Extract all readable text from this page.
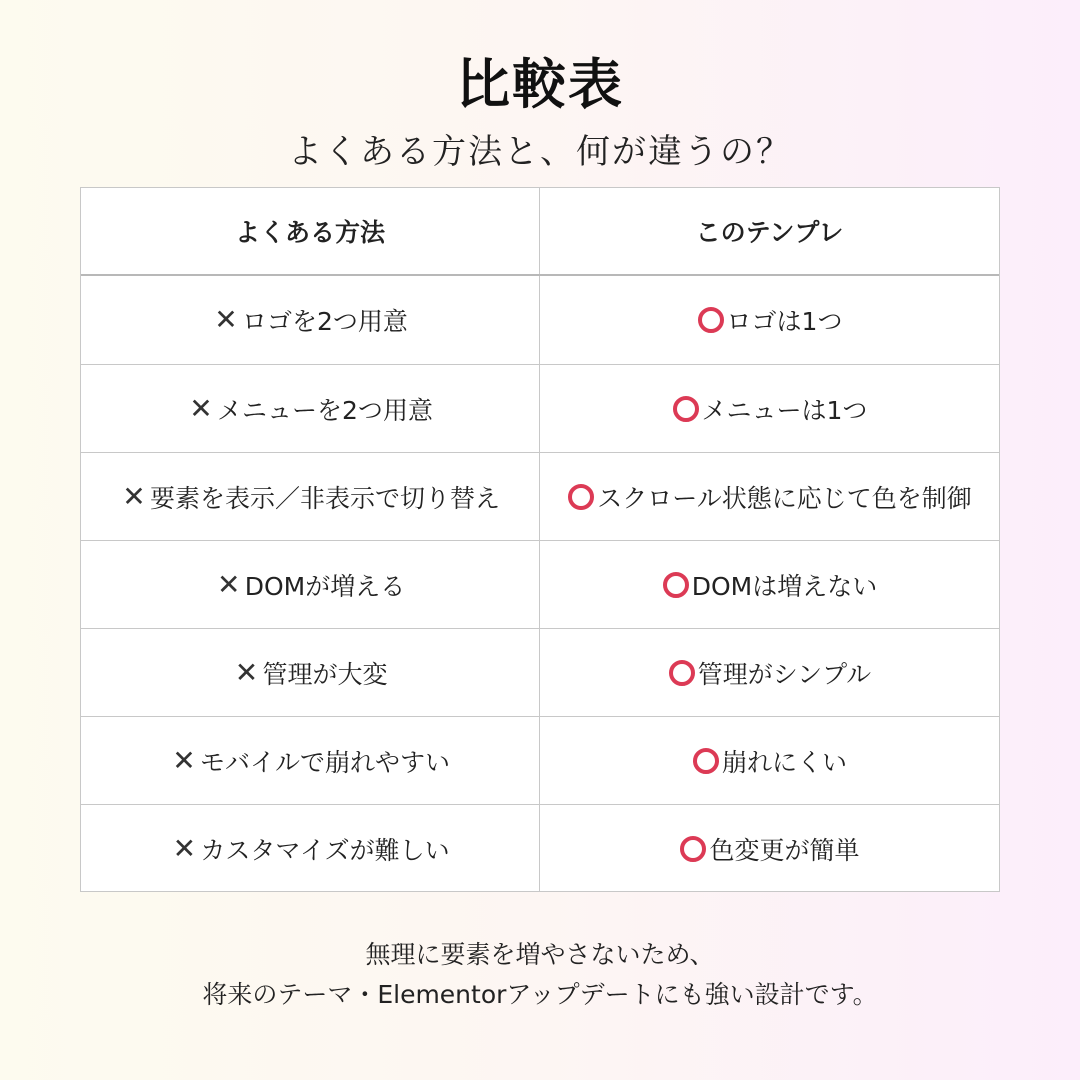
比較表
よくある方法と、何が違うの？
よくある方法	このテンプレ
✕ ロゴを2つ用意	ロゴは1つ
✕ メニューを2つ用意	メニューは1つ
✕ 要素を表示／非表示で切り替え	スクロール状態に応じて色を制御
✕ DOMが増える	DOMは増えない
✕ 管理が大変	管理がシンプル
✕ モバイルで崩れやすい	崩れにくい
✕ カスタマイズが難しい	色変更が簡単
無理に要素を増やさないため、
将来のテーマ・Elementorアップデートにも強い設計です。
